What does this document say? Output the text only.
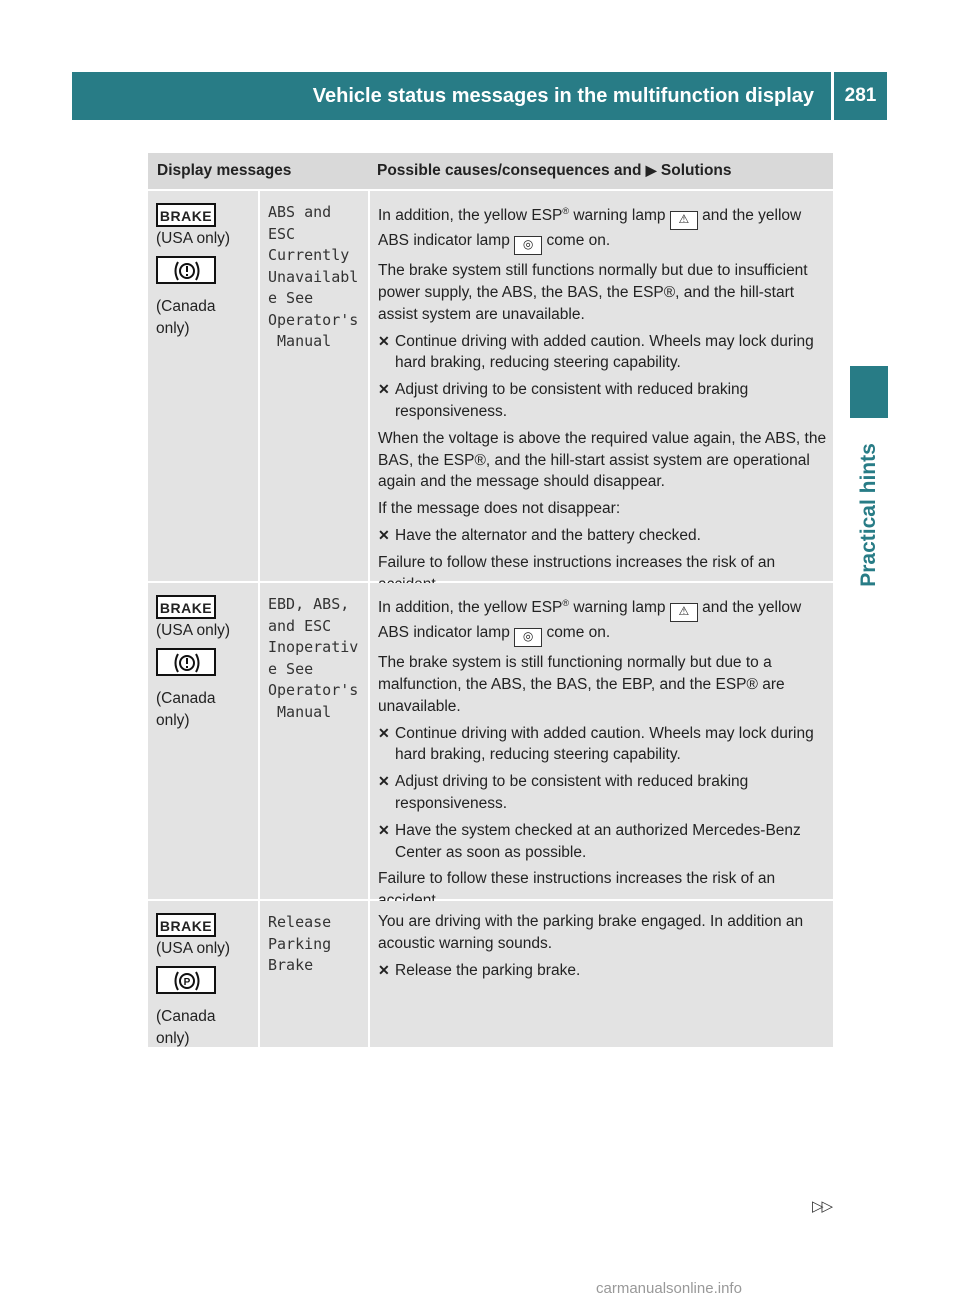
Vehicle status messages in the multifunction display	281
Practical hints
Display messages	Possible causes/consequences and ▶ Solutions
BRAKE
(USA only)
(Canada only)
ABS and
ESC
Currently
Unavailabl
e See
Operator's
Manual

In addition, the yellow ESP® warning lamp ⚠ and the yellow ABS indicator lamp ◎ come on.

The brake system still functions normally but due to insufficient power supply, the ABS, the BAS, the ESP®, and the hill-start assist system are unavailable.

✕ Continue driving with added caution. Wheels may lock during hard braking, reducing steering capability.
✕ Adjust driving to be consistent with reduced braking responsiveness.

When the voltage is above the required value again, the ABS, the BAS, the ESP®, and the hill-start assist system are operational again and the message should disappear.

If the message does not disappear:

✕ Have the alternator and the battery checked.

Failure to follow these instructions increases the risk of an

BRAKE
(USA only)
(Canada only)
EBD, ABS,
and ESC
Inoperativ
e See
Operator's
Manual

In addition, the yellow ESP® warning lamp ⚠ and the yellow ABS indicator lamp ◎ come on.

The brake system is still functioning normally but due to a malfunction, the ABS, the BAS, the EBP, and the ESP® are unavailable.

✕ Continue driving with added caution. Wheels may lock during hard braking, reducing steering capability.
✕ Adjust driving to be consistent with reduced braking responsiveness.
✕ Have the system checked at an authorized Mercedes-Benz Center as soon as possible.

Failure to follow these instructions increases the risk of an

BRAKE
(USA only)
P
(Canada only)
Release
Parking
Brake

You are driving with the parking brake engaged. In addition an acoustic warning sounds.

✕ Release the parking brake.
▷▷
carmanualsonline.info
